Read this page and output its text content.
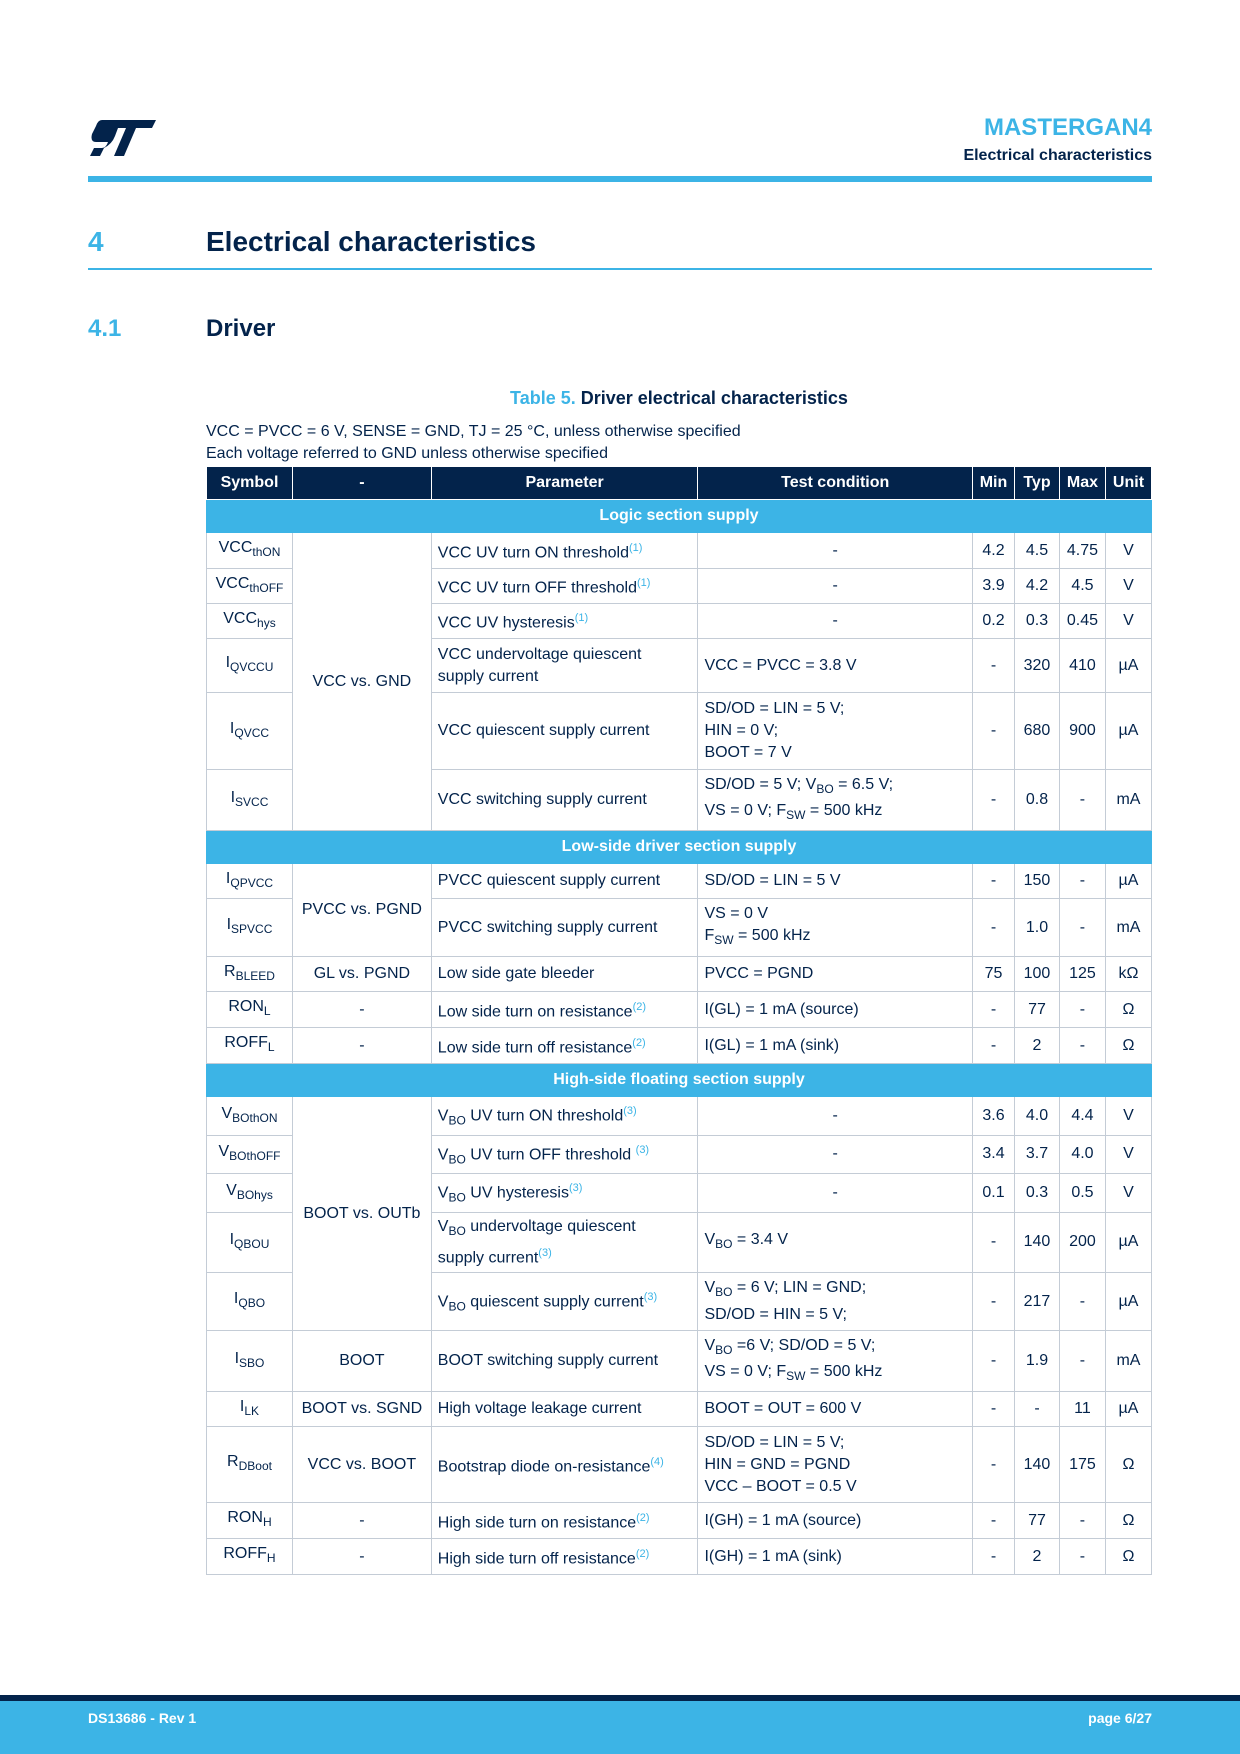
MASTERGAN4
Electrical characteristics
4	Electrical characteristics
4.1	Driver
Table 5. Driver electrical characteristics
VCC = PVCC = 6 V, SENSE = GND, TJ = 25 °C, unless otherwise specified
Each voltage referred to GND unless otherwise specified
Symbol	-	Parameter	Test condition	Min	Typ	Max	Unit
Logic section supply							
$VCC_{thON}$	VCC vs. GND	VCC UV turn ON threshold$^{(1)}$	-	4.2	4.5	4.75	V
$VCC_{thOFF}$		VCC UV turn OFF threshold$^{(1)}$	-	3.9	4.2	4.5	V
$VCC_{hys}$		VCC UV hysteresis$^{(1)}$	-	0.2	0.3	0.45	V
$I_{QVCCU}$		VCC undervoltage quiescent
supply current	VCC = PVCC = 3.8 V	-	320	410	µA
$I_{QVCC}$		VCC quiescent supply current	SD/OD = LIN = 5 V;
HIN = 0 V;
BOOT = 7 V	-	680	900	µA
$I_{SVCC}$		VCC switching supply current	SD/OD = 5 V; $V_{BO} = 6.5$ V;
VS = 0 V; $F_{SW} = 500$ kHz	-	0.8	-	mA
Low-side driver section supply							
$I_{QPVCC}$	PVCC vs. PGND	PVCC quiescent supply current	SD/OD = LIN = 5 V	-	150	-	µA
$I_{SPVCC}$		PVCC switching supply current	VS = 0 V
$F_{SW} = 500$ kHz	-	1.0	-	mA
$R_{BLEED}$	GL vs. PGND	Low side gate bleeder	PVCC = PGND	75	100	125	kΩ
$RON_L$	-	Low side turn on resistance$^{(2)}$	I(GL) = 1 mA (source)	-	77	-	Ω
$ROFF_L$	-	Low side turn off resistance$^{(2)}$	I(GL) = 1 mA (sink)	-	2	-	Ω
High-side floating section supply							
$V_{BOthON}$	BOOT vs. OUTb	$V_{BO}$ UV turn ON threshold$^{(3)}$	-	3.6	4.0	4.4	V
$V_{BOthOFF}$		$V_{BO}$ UV turn OFF threshold $^{(3)}$	-	3.4	3.7	4.0	V
$V_{BOhys}$		$V_{BO}$ UV hysteresis$^{(3)}$	-	0.1	0.3	0.5	V
$I_{QBOU}$		$V_{BO}$ undervoltage quiescent
supply current$^{(3)}$	$V_{BO} = 3.4$ V	-	140	200	µA
$I_{QBO}$		$V_{BO}$ quiescent supply current$^{(3)}$	$V_{BO} = 6$ V; LIN = GND;
SD/OD = HIN = 5 V;	-	217	-	µA
$I_{SBO}$	BOOT	BOOT switching supply current	$V_{BO} =6$ V; SD/OD = 5 V;
VS = 0 V; $F_{SW} = 500$ kHz	-	1.9	-	mA
$I_{LK}$	BOOT vs. SGND	High voltage leakage current	BOOT = OUT = 600 V	-	-	11	µA
$R_{DBoot}$	VCC vs. BOOT	Bootstrap diode on-resistance$^{(4)}$	SD/OD = LIN = 5 V;
HIN = GND = PGND
VCC – BOOT = 0.5 V	-	140	175	Ω
$RON_H$	-	High side turn on resistance$^{(2)}$	I(GH) = 1 mA (source)	-	77	-	Ω
$ROFF_H$	-	High side turn off resistance$^{(2)}$	I(GH) = 1 mA (sink)	-	2	-	Ω
DS13686 - Rev 1	page 6/27
